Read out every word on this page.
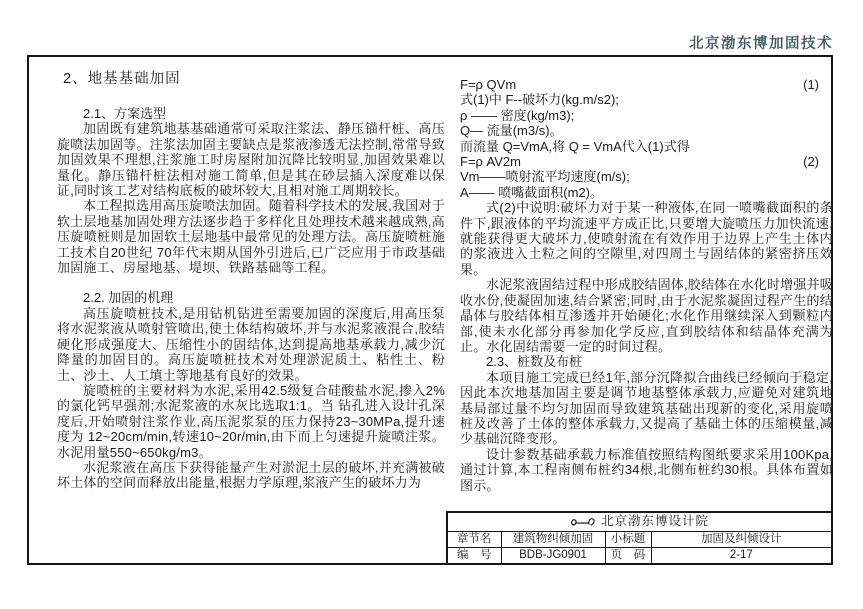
北京渤东博加固技术
2、地基基础加固
2.1、方案选型

加固既有建筑地基基础通常可采取注浆法、静压锚杆桩、高压旋喷法加固等。注浆法加固主要缺点是浆液渗透无法控制,常常导致加固效果不理想,注浆施工时房屋附加沉降比较明显,加固效果难以量化。静压锚杆桩法相对施工简单,但是其在砂层插入深度难以保证,同时该工艺对结构底板的破坏较大,且相对施工周期较长。

本工程拟选用高压旋喷法加固。随着科学技术的发展,我国对于软土层地基加固处理方法逐步趋于多样化且处理技术越来越成熟,高压旋喷桩则是加固软土层地基中最常见的处理方法。高压旋喷桩施工技术自20世纪 70年代末期从国外引进后,已广泛应用于市政基础加固施工、房屋地基、堤坝、铁路基础等工程。

2.2. 加固的机理

高压旋喷桩技术,是用钻机钻进至需要加固的深度后,用高压泵将水泥浆液从喷射管喷出,使土体结构破坏,并与水泥浆液混合,胶结硬化形成强度大、压缩性小的固结体,达到提高地基承载力,减少沉降量的加固目的。高压旋喷桩技术对处理淤泥质土、粘性土、粉土、沙土、人工填土等地基有良好的效果。

旋喷桩的主要材料为水泥,采用42.5级复合硅酸盐水泥,掺入2%的氯化钙早强剂;水泥浆液的水灰比选取1:1。当 钻孔进入设计孔深度后,开始喷射注浆作业,高压泥浆泵的压力保持23~30MPa,提升速度为 12~20cm/min,转速10~20r/min,由下而上匀速提升旋喷注浆。水泥用量550~650kg/m3。

水泥浆液在高压下获得能量产生对淤泥土层的破坏,并充满被破坏土体的空间而释放出能量,根据力学原理,浆液产生的破坏力为

F=ρ QVm	(1)
式(1)中 F--破坏力(kg.m/s2);
ρ —— 密度(kg/m3);
Q— 流量(m3/s)。
而流量 Q=VmA,将 Q = VmA代入(1)式得
F=ρ AV2m	(2)
Vm——喷射流平均速度(m/s);
A—— 喷嘴截面积(m2)。

式(2)中说明:破坏力对于某一种液体,在同一喷嘴截面积的条件下,跟液体的平均流速平方成正比,只要增大旋喷压力加快流速,就能获得更大破坏力,使喷射流在有效作用于边界上产生土体内的浆液进入土粒之间的空隙里,对四周土与固结体的紧密挤压效果。

水泥浆液固结过程中形成胶结固体,胶结体在水化时增强并吸收水份,使凝固加速,结合紧密;同时,由于水泥浆凝固过程产生的结晶体与胶结体相互渗透并开始硬化;水化作用继续深入到颗粒内部,使未水化部分再参加化学反应,直到胶结体和结晶体充满为止。水化固结需要一定的时间过程。

2.3、桩数及布桩

本项目施工完成已经1年,部分沉降拟合曲线已经倾向于稳定,因此本次地基加固主要是调节地基整体承载力,应避免对建筑地基局部过量不均匀加固而导致建筑基础出现新的变化,采用旋喷桩及改善了土体的整体承载力,又提高了基础土体的压缩模量,减少基础沉降变形。

设计参数基础承载力标准值按照结构图纸要求采用100Kpa,通过计算,本工程南侧布桩约34根,北侧布桩约30根。具体布置如图示。

北京渤东博设计院			
章节名	建筑物纠倾加固	小标题	加固及纠倾设计
编　号	BDB-JG0901	页　码	2-17
